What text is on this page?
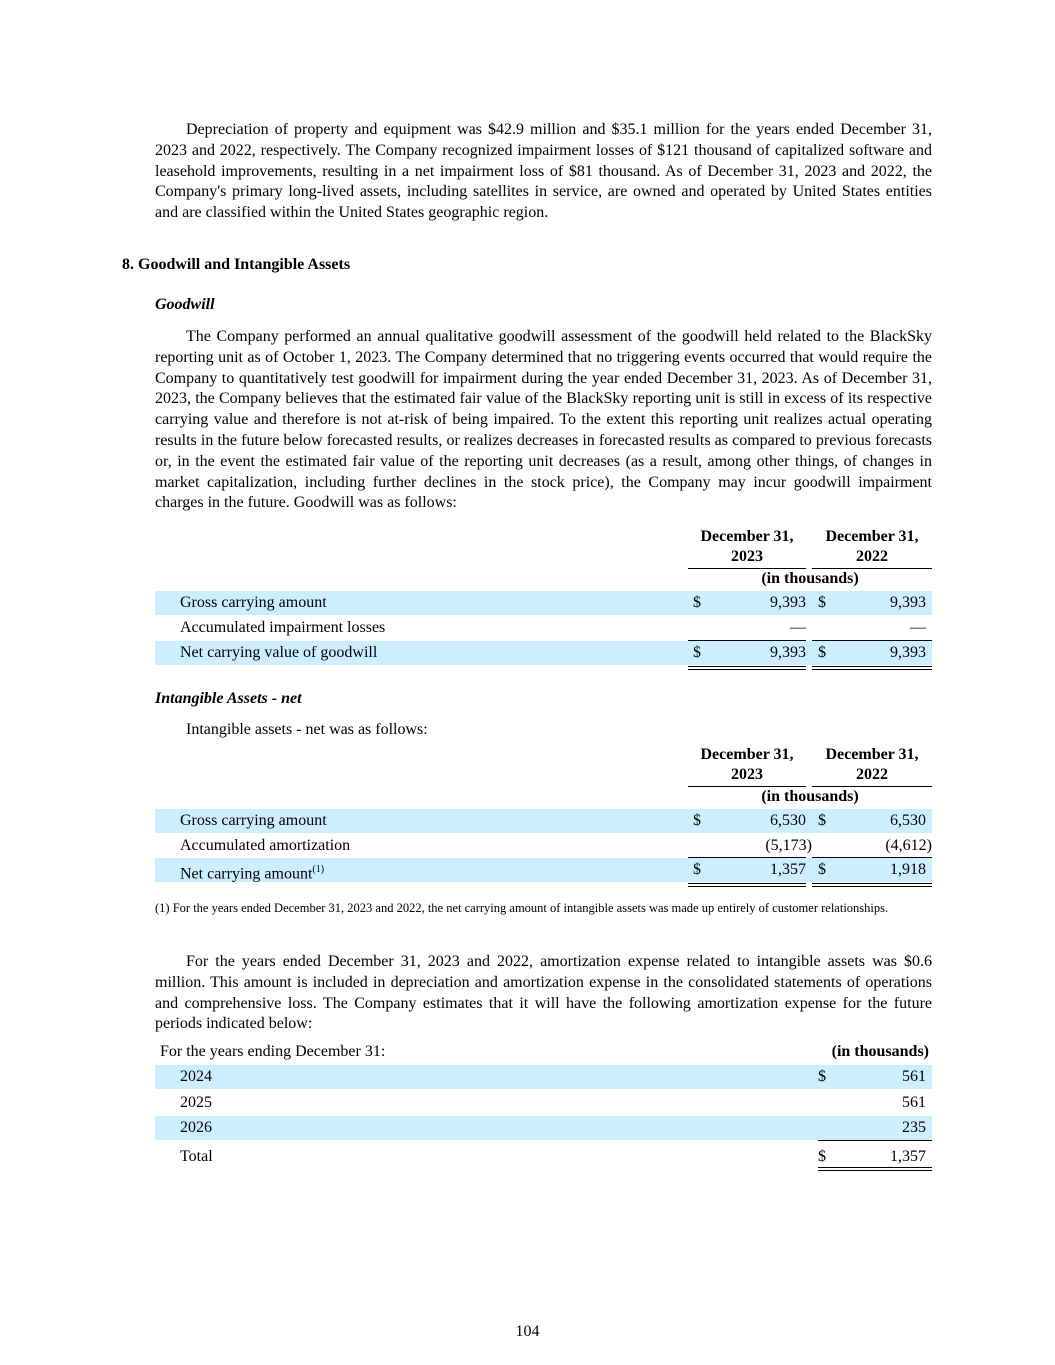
Depreciation of property and equipment was $42.9 million and $35.1 million for the years ended December 31, 2023 and 2022, respectively. The Company recognized impairment losses of $121 thousand of capitalized software and leasehold improvements, resulting in a net impairment loss of $81 thousand. As of December 31, 2023 and 2022, the Company's primary long-lived assets, including satellites in service, are owned and operated by United States entities and are classified within the United States geographic region.

8. Goodwill and Intangible Assets
Goodwill

The Company performed an annual qualitative goodwill assessment of the goodwill held related to the BlackSky reporting unit as of October 1, 2023. The Company determined that no triggering events occurred that would require the Company to quantitatively test goodwill for impairment during the year ended December 31, 2023. As of December 31, 2023, the Company believes that the estimated fair value of the BlackSky reporting unit is still in excess of its respective carrying value and therefore is not at-risk of being impaired. To the extent this reporting unit realizes actual operating results in the future below forecasted results, or realizes decreases in forecasted results as compared to previous forecasts or, in the event the estimated fair value of the reporting unit decreases (as a result, among other things, of changes in market capitalization, including further declines in the stock price), the Company may incur goodwill impairment charges in the future. Goodwill was as follows:

December 31, 2023
December 31, 2022
(in thousands)
Gross carrying amount	$	9,393 $	9,393
Accumulated impairment losses	—	—
Net carrying value of goodwill	$	9,393 $	9,393
Intangible Assets - net
Intangible assets - net was as follows:
December 31, 2023
December 31, 2022
(in thousands)
Gross carrying amount	$	6,530 $	6,530
Accumulated amortization	(5,173)	(4,612)
Net carrying amount$^{(1)}$	$	1,357 $	1,918
(1) For the years ended December 31, 2023 and 2022, the net carrying amount of intangible assets was made up entirely of customer relationships.

For the years ended December 31, 2023 and 2022, amortization expense related to intangible assets was $0.6 million. This amount is included in depreciation and amortization expense in the consolidated statements of operations and comprehensive loss. The Company estimates that it will have the following amortization expense for the future periods indicated below:

For the years ending December 31:	(in thousands)
2024	$	561
2025	561
2026	235
Total	$	1,357
104
